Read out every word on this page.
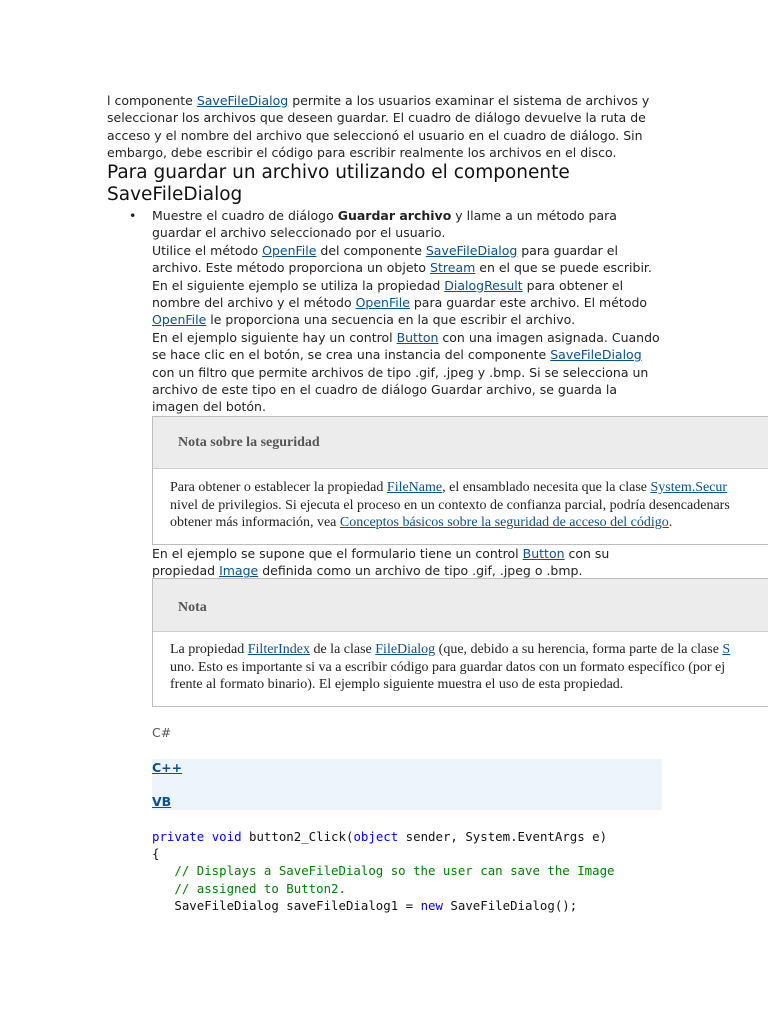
l componente SaveFileDialog permite a los usuarios examinar el sistema de archivos y seleccionar los archivos que deseen guardar. El cuadro de diálogo devuelve la ruta de acceso y el nombre del archivo que seleccionó el usuario en el cuadro de diálogo. Sin embargo, debe escribir el código para escribir realmente los archivos en el disco.

Para guardar un archivo utilizando el componente SaveFileDialog
• Muestre el cuadro de diálogo Guardar archivo y llame a un método para guardar el archivo seleccionado por el usuario.
Utilice el método OpenFile del componente SaveFileDialog para guardar el archivo. Este método proporciona un objeto Stream en el que se puede escribir.
En el siguiente ejemplo se utiliza la propiedad DialogResult para obtener el nombre del archivo y el método OpenFile para guardar este archivo. El método OpenFile le proporciona una secuencia en la que escribir el archivo.
En el ejemplo siguiente hay un control Button con una imagen asignada. Cuando se hace clic en el botón, se crea una instancia del componente SaveFileDialog con un filtro que permite archivos de tipo .gif, .jpeg y .bmp. Si se selecciona un archivo de este tipo en el cuadro de diálogo Guardar archivo, se guarda la imagen del botón.
Nota sobre la seguridad
Para obtener o establecer la propiedad FileName, el ensamblado necesita que la clase System.Secur
nivel de privilegios. Si ejecuta el proceso en un contexto de confianza parcial, podría desencadenars
obtener más información, vea Conceptos básicos sobre la seguridad de acceso del código.

En el ejemplo se supone que el formulario tiene un control Button con su propiedad Image definida como un archivo de tipo .gif, .jpeg o .bmp.

Nota
La propiedad FilterIndex de la clase FileDialog (que, debido a su herencia, forma parte de la clase S
uno. Esto es importante si va a escribir código para guardar datos con un formato específico (por ej
frente al formato binario). El ejemplo siguiente muestra el uso de esta propiedad.
C#
C++
VB
private void button2_Click(object sender, System.EventArgs e)
{
// Displays a SaveFileDialog so the user can save the Image
// assigned to Button2.
SaveFileDialog saveFileDialog1 = new SaveFileDialog();
